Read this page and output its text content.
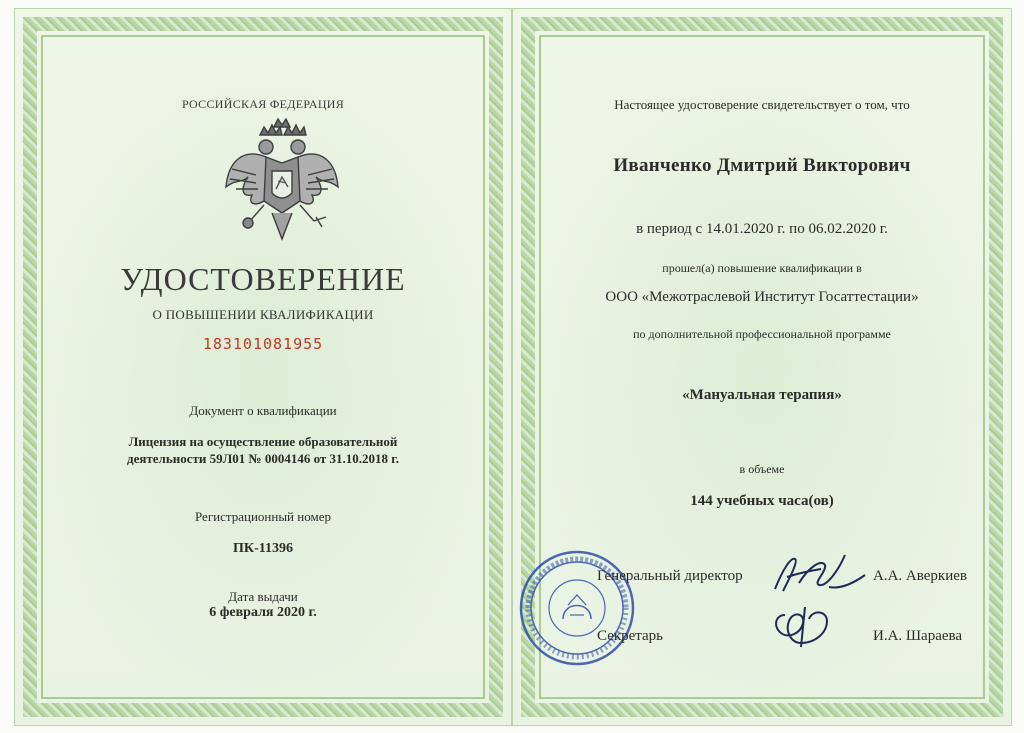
РОССИЙСКАЯ ФЕДЕРАЦИЯ
УДОСТОВЕРЕНИЕ
О ПОВЫШЕНИИ КВАЛИФИКАЦИИ
183101081955
Документ о квалификации
Лицензия на осуществление образовательной
деятельности 59Л01 № 0004146 от 31.10.2018 г.
Регистрационный номер
ПК-11396
Дата выдачи
6 февраля 2020 г.
Настоящее удостоверение свидетельствует о том, что
Иванченко Дмитрий Викторович
в период с 14.01.2020 г. по 06.02.2020 г.
прошел(а) повышение квалификации в
ООО «Межотраслевой Институт Госаттестации»
по дополнительной профессиональной программе
«Мануальная терапия»
в объеме
144 учебных часа(ов)
Генеральный директор	А.А. Аверкиев
Секретарь	И.А. Шараева
